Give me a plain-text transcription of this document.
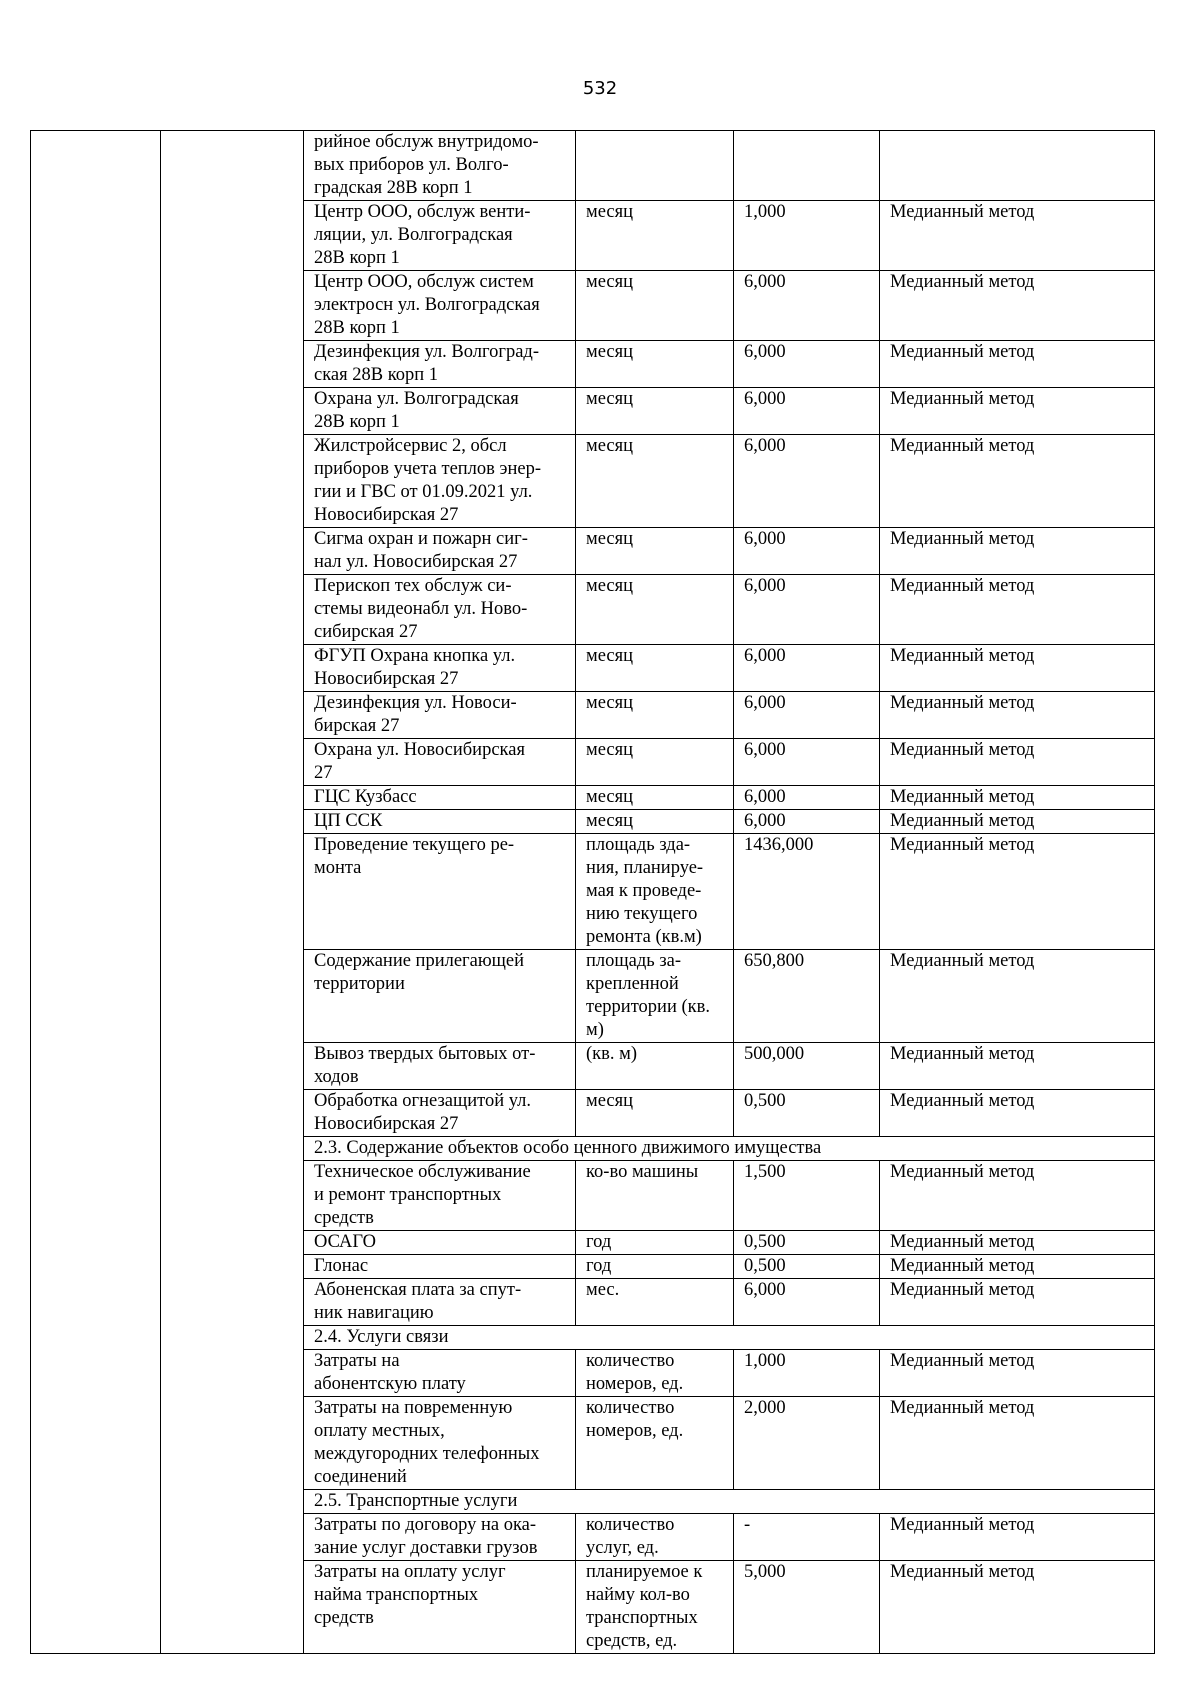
532
		рийное обслуж внутридомо-
вых приборов ул. Волго-
градская 28В корп 1			
		Центр ООО, обслуж венти-
ляции, ул. Волгоградская
28В корп 1	месяц	1,000	Медианный метод
		Центр ООО, обслуж систем
электросн ул. Волгоградская
28В корп 1	месяц	6,000	Медианный метод
		Дезинфекция ул. Волгоград-
ская 28В корп 1	месяц	6,000	Медианный метод
		Охрана ул. Волгоградская
28В корп 1	месяц	6,000	Медианный метод
		Жилстройсервис 2, обсл
приборов учета теплов энер-
гии и ГВС от 01.09.2021 ул.
Новосибирская 27	месяц	6,000	Медианный метод
		Сигма охран и пожарн сиг-
нал ул. Новосибирская 27	месяц	6,000	Медианный метод
		Перископ тех обслуж си-
стемы видеонабл ул. Ново-
сибирская 27	месяц	6,000	Медианный метод
		ФГУП Охрана кнопка ул.
Новосибирская 27	месяц	6,000	Медианный метод
		Дезинфекция ул. Новоси-
бирская 27	месяц	6,000	Медианный метод
		Охрана ул. Новосибирская
27	месяц	6,000	Медианный метод
		ГЦС Кузбасс	месяц	6,000	Медианный метод
		ЦП ССК	месяц	6,000	Медианный метод
		Проведение текущего ре-
монта	площадь зда-
ния, планируе-
мая к проведе-
нию текущего
ремонта (кв.м)	1436,000	Медианный метод
		Содержание прилегающей
территории	площадь за-
крепленной
территории (кв.
м)	650,800	Медианный метод
		Вывоз твердых бытовых от-
ходов	(кв. м)	500,000	Медианный метод
		Обработка огнезащитой ул.
Новосибирская 27	месяц	0,500	Медианный метод
		2.3. Содержание объектов особо ценного движимого имущества			
		Техническое обслуживание
и ремонт транспортных
средств	ко-во машины	1,500	Медианный метод
		ОСАГО	год	0,500	Медианный метод
		Глонас	год	0,500	Медианный метод
		Абоненская плата за спут-
ник навигацию	мес.	6,000	Медианный метод
		2.4. Услуги связи			
		Затраты на
абонентскую плату	количество
номеров, ед.	1,000	Медианный метод
		Затраты на повременную
оплату местных,
междугородних телефонных
соединений	количество
номеров, ед.	2,000	Медианный метод
		2.5. Транспортные услуги			
		Затраты по договору на ока-
зание услуг доставки грузов	количество
услуг, ед.	-	Медианный метод
		Затраты на оплату услуг
найма транспортных
средств	планируемое к
найму кол-во
транспортных
средств, ед.	5,000	Медианный метод
